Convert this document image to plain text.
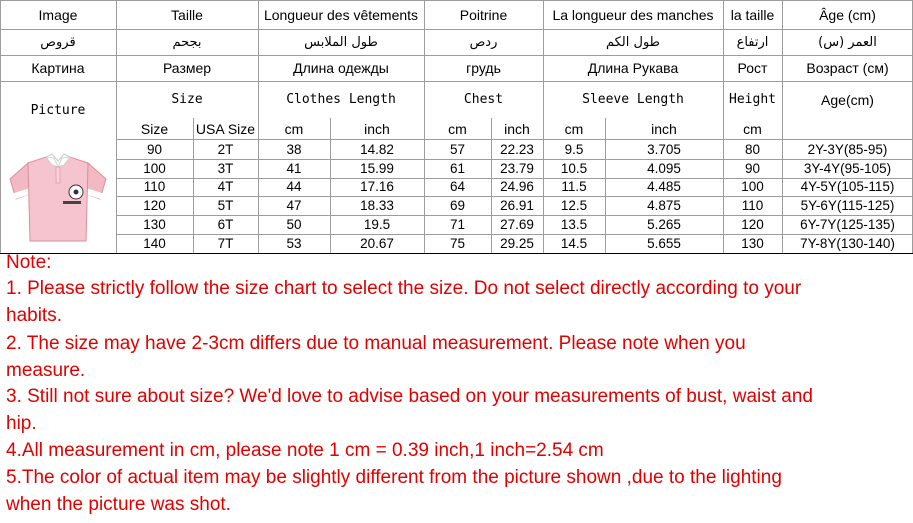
Image	Taille	Longueur des vêtements	Poitrine	La longueur des manches	la taille	Âge (cm)
قروص	بجحم	طول الملابس	ردص	طول الكم	ارتفاع	العمر (س)
Картина	Размер	Длина одежды	грудь	Длина Рукава	Рост	Возраст (см)
Picture
Size	Clothes Length	Chest	Sleeve Length	Height	Age(cm)
Size	USA Size	cm	inch	cm	inch	cm	inch	cm
90	2T	38	14.82	57	22.23	9.5	3.705	80	2Y-3Y(85-95)
100	3T	41	15.99	61	23.79	10.5	4.095	90	3Y-4Y(95-105)
110	4T	44	17.16	64	24.96	11.5	4.485	100	4Y-5Y(105-115)
120	5T	47	18.33	69	26.91	12.5	4.875	110	5Y-6Y(115-125)
130	6T	50	19.5	71	27.69	13.5	5.265	120	6Y-7Y(125-135)
140	7T	53	20.67	75	29.25	14.5	5.655	130	7Y-8Y(130-140)
Note:
1. Please strictly follow the size chart to select the size. Do not select directly according to your
habits.
2. The size may have 2-3cm differs due to manual measurement. Please note when you
measure.
3. Still not sure about size? We'd love to advise based on your measurements of bust, waist and
hip.
4.All measurement in cm, please note 1 cm = 0.39 inch,1 inch=2.54 cm
5.The color of actual item may be slightly different from the picture shown ,due to the lighting
when the picture was shot.
